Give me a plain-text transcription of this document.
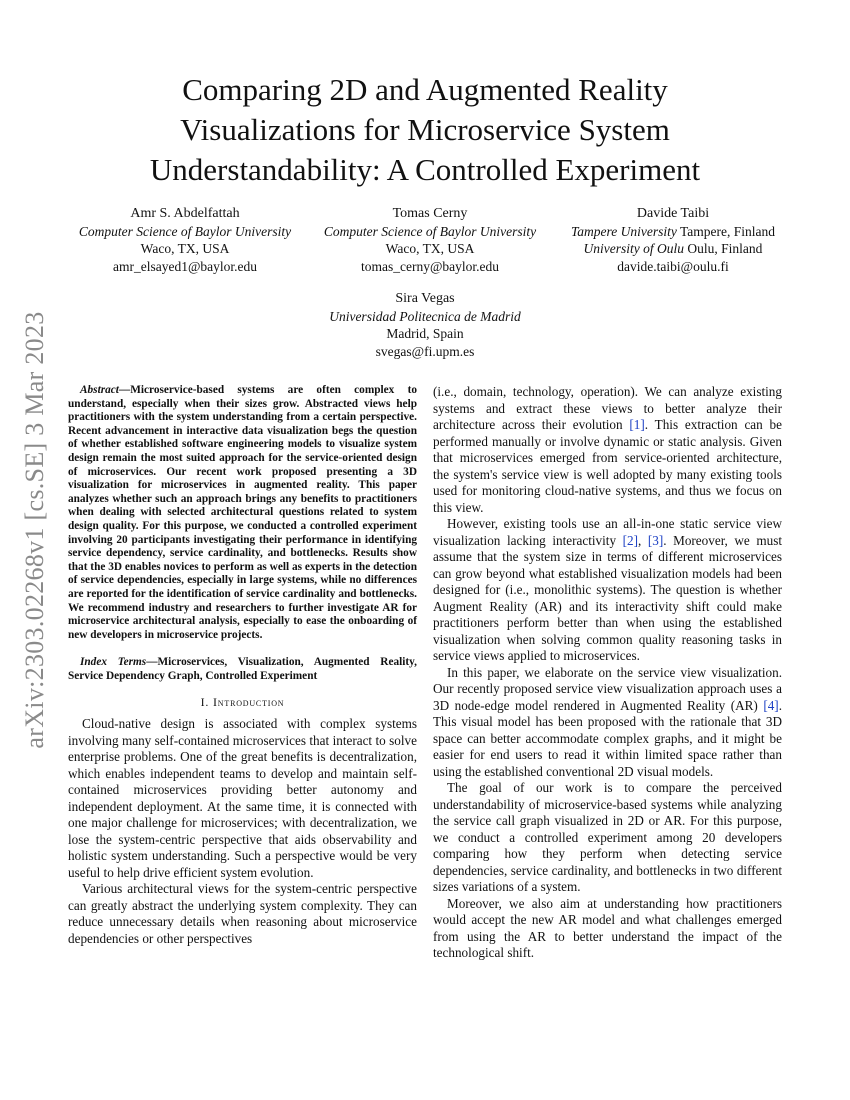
arXiv:2303.02268v1 [cs.SE] 3 Mar 2023
Comparing 2D and Augmented Reality
Visualizations for Microservice System
Understandability: A Controlled Experiment
Amr S. Abdelfattah
Computer Science of Baylor University
Waco, TX, USA
amr_elsayed1@baylor.edu
Tomas Cerny
Computer Science of Baylor University
Waco, TX, USA
tomas_cerny@baylor.edu
Davide Taibi
Tampere University Tampere, Finland
University of Oulu Oulu, Finland
davide.taibi@oulu.fi
Sira Vegas
Universidad Politecnica de Madrid
Madrid, Spain
svegas@fi.upm.es

Abstract—Microservice-based systems are often complex to understand, especially when their sizes grow. Abstracted views help practitioners with the system understanding from a certain perspective. Recent advancement in interactive data visualization begs the question of whether established software engineering models to visualize system design remain the most suited approach for the service-oriented design of microservices. Our recent work proposed presenting a 3D visualization for microservices in augmented reality. This paper analyzes whether such an approach brings any benefits to practitioners when dealing with selected architectural questions related to system design quality. For this purpose, we conducted a controlled experiment involving 20 participants investigating their performance in identifying service dependency, service cardinality, and bottlenecks. Results show that the 3D enables novices to perform as well as experts in the detection of service dependencies, especially in large systems, while no differences are reported for the identification of service cardinality and bottlenecks. We recommend industry and researchers to further investigate AR for microservice architectural analysis, especially to ease the onboarding of new developers in microservice projects.

Index Terms—Microservices, Visualization, Augmented Reality, Service Dependency Graph, Controlled Experiment

I. Introduction

Cloud-native design is associated with complex systems involving many self-contained microservices that interact to solve enterprise problems. One of the great benefits is decentralization, which enables independent teams to develop and maintain self-contained microservices providing better autonomy and independent deployment. At the same time, it is connected with one major challenge for microservices; with decentralization, we lose the system-centric perspective that aids observability and holistic system understanding. Such a perspective would be very useful to help drive efficient system evolution.

Various architectural views for the system-centric perspective can greatly abstract the underlying system complexity. They can reduce unnecessary details when reasoning about microservice dependencies or other perspectives

(i.e., domain, technology, operation). We can analyze existing systems and extract these views to better analyze their architecture across their evolution [1]. This extraction can be performed manually or involve dynamic or static analysis. Given that microservices emerged from service-oriented architecture, the system's service view is well adopted by many existing tools used for monitoring cloud-native systems, and thus we focus on this view.

However, existing tools use an all-in-one static service view visualization lacking interactivity [2], [3]. Moreover, we must assume that the system size in terms of different microservices can grow beyond what established visualization models had been designed for (i.e., monolithic systems). The question is whether Augment Reality (AR) and its interactivity shift could make practitioners perform better than when using the established visualization when solving common quality reasoning tasks in service views applied to microservices.

In this paper, we elaborate on the service view visualization. Our recently proposed service view visualization approach uses a 3D node-edge model rendered in Augmented Reality (AR) [4]. This visual model has been proposed with the rationale that 3D space can better accommodate complex graphs, and it might be easier for end users to read it within limited space rather than using the established conventional 2D visual models.

The goal of our work is to compare the perceived understandability of microservice-based systems while analyzing the service call graph visualized in 2D or AR. For this purpose, we conduct a controlled experiment among 20 developers comparing how they perform when detecting service dependencies, service cardinality, and bottlenecks in two different sizes variations of a system.

Moreover, we also aim at understanding how practitioners would accept the new AR model and what challenges emerged from using the AR to better understand the impact of the technological shift.
